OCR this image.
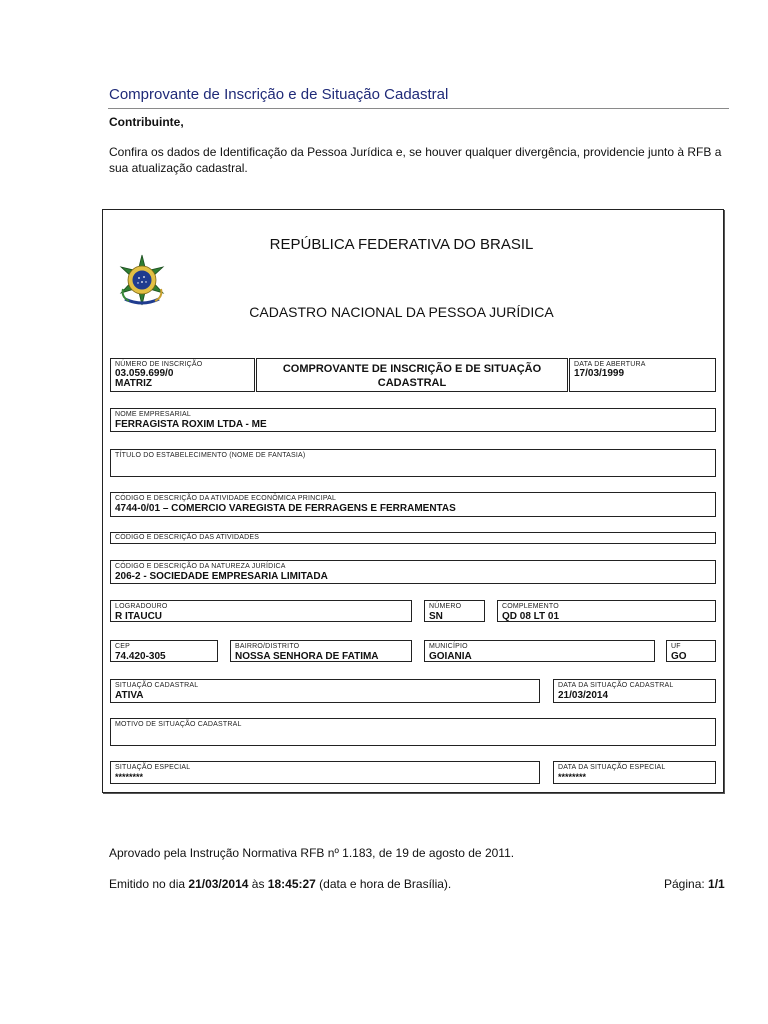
Comprovante de Inscrição e de Situação Cadastral
Contribuinte,
Confira os dados de Identificação da Pessoa Jurídica e, se houver qualquer divergência, providencie junto à RFB a sua atualização cadastral.
REPÚBLICA FEDERATIVA DO BRASIL
CADASTRO NACIONAL DA PESSOA JURÍDICA
NÚMERO DE INSCRIÇÃO
03.059.699/0
MATRIZ
COMPROVANTE DE INSCRIÇÃO E DE SITUAÇÃO CADASTRAL
DATA DE ABERTURA
17/03/1999
NOME EMPRESARIAL
FERRAGISTA ROXIM LTDA - ME
TÍTULO DO ESTABELECIMENTO (NOME DE FANTASIA)
CÓDIGO E DESCRIÇÃO DA ATIVIDADE ECONÔMICA PRINCIPAL
4744-0/01 – COMERCIO VAREGISTA DE FERRAGENS E FERRAMENTAS
CÓDIGO E DESCRIÇÃO DAS ATIVIDADES
CÓDIGO E DESCRIÇÃO DA NATUREZA JURÍDICA
206-2 - SOCIEDADE EMPRESARIA LIMITADA
LOGRADOURO
R ITAUCU
NÚMERO
SN
COMPLEMENTO
QD 08 LT 01
CEP
74.420-305
BAIRRO/DISTRITO
NOSSA SENHORA DE FATIMA
MUNICÍPIO
GOIANIA
UF
GO
SITUAÇÃO CADASTRAL
ATIVA
DATA DA SITUAÇÃO CADASTRAL
21/03/2014
MOTIVO DE SITUAÇÃO CADASTRAL
SITUAÇÃO ESPECIAL
********
DATA DA SITUAÇÃO ESPECIAL
********
Aprovado pela Instrução Normativa RFB nº 1.183, de 19 de agosto de 2011.
Emitido no dia 21/03/2014 às 18:45:27 (data e hora de Brasília).	Página: 1/1
